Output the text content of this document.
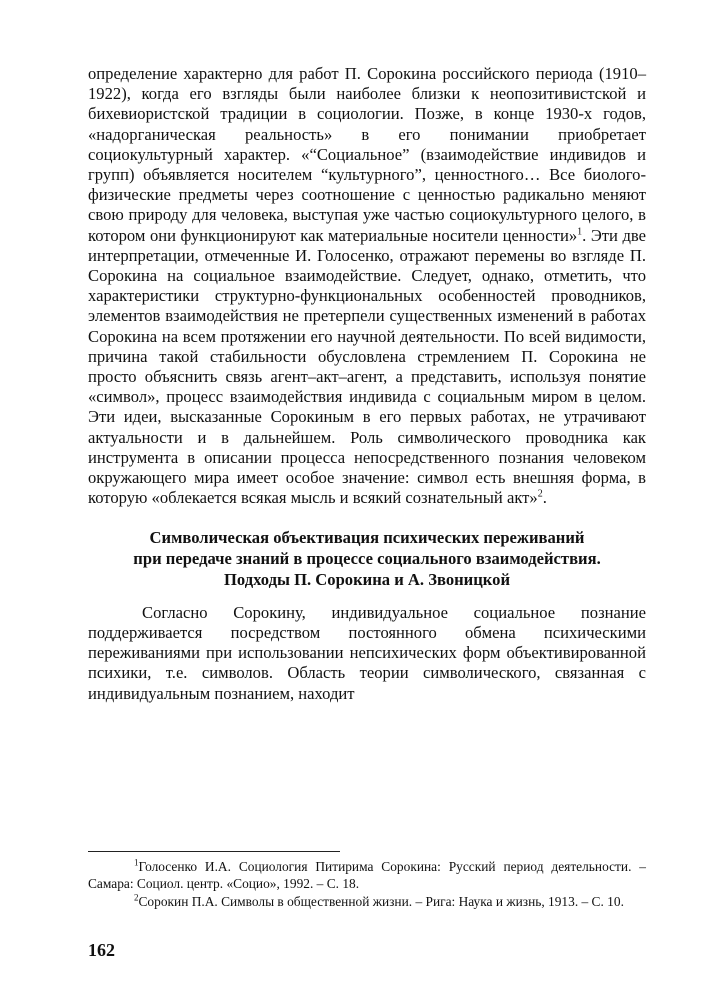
определение характерно для работ П. Сорокина российского периода (1910–1922), когда его взгляды были наиболее близки к неопозитивистской и бихевиористской традиции в социологии. Позже, в конце 1930-х годов, «надорганическая реальность» в его понимании приобретает социокультурный характер. «“Социальное” (взаимодействие индивидов и групп) объявляется носителем “культурного”, ценностного… Все биолого-физические предметы через соотношение с ценностью радикально меняют свою природу для человека, выступая уже частью социокультурного целого, в котором они функционируют как материальные носители ценности»$^1$. Эти две интерпретации, отмеченные И. Голосенко, отражают перемены во взгляде П. Сорокина на социальное взаимодействие. Следует, однако, отметить, что характеристики структурно-функциональных особенностей проводников, элементов взаимодействия не претерпели существенных изменений в работах Сорокина на всем протяжении его научной деятельности. По всей видимости, причина такой стабильности обусловлена стремлением П. Сорокина не просто объяснить связь агент–акт–агент, а представить, используя понятие «символ», процесс взаимодействия индивида с социальным миром в целом. Эти идеи, высказанные Сорокиным в его первых работах, не утрачивают актуальности и в дальнейшем. Роль символического проводника как инструмента в описании процесса непосредственного познания человеком окружающего мира имеет особое значение: символ есть внешняя форма, в которую «облекается всякая мысль и всякий сознательный акт»$^2$.

Символическая объективация психических переживаний
при передаче знаний в процессе социального взаимодействия.
Подходы П. Сорокина и А. Звоницкой

Согласно Сорокину, индивидуальное социальное познание поддерживается посредством постоянного обмена психическими переживаниями при использовании непсихических форм объективированной психики, т.е. символов. Область теории символического, связанная с индивидуальным познанием, находит

$^1$Голосенко И.А. Социология Питирима Сорокина: Русский период деятельности. – Самара: Социол. центр. «Социо», 1992. – С. 18.

$^2$Сорокин П.А. Символы в общественной жизни. – Рига: Наука и жизнь, 1913. – С. 10.

162
